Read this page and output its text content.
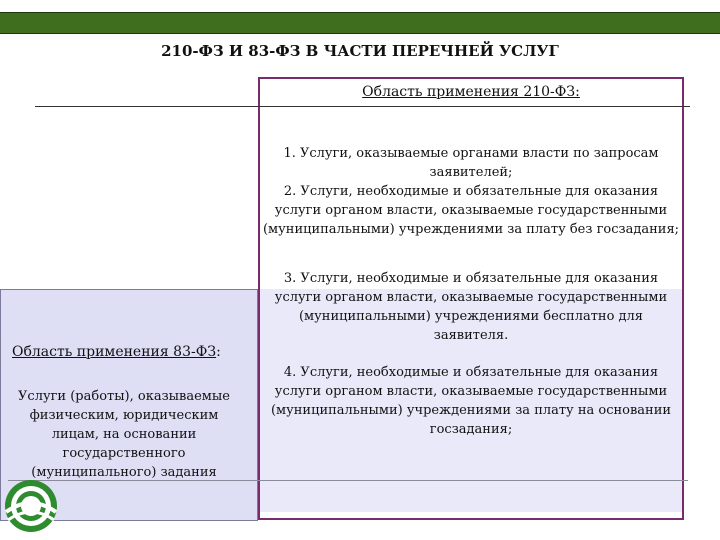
210-ФЗ И 83-ФЗ В ЧАСТИ ПЕРЕЧНЕЙ УСЛУГ
Область применения 210-ФЗ:

1. Услуги, оказываемые органами власти по запросам заявителей;

2. Услуги, необходимые и обязательные для оказания услуги органом власти, оказываемые государственными (муниципальными) учреждениями за плату без госзадания;

3. Услуги, необходимые и обязательные для оказания услуги органом власти, оказываемые государственными (муниципальными) учреждениями бесплатно для заявителя.

4. Услуги, необходимые и обязательные для оказания услуги органом власти, оказываемые государственными (муниципальными) учреждениями за плату на основании госзадания;

Область применения 83-ФЗ:
Услуги (работы), оказываемые физическим, юридическим лицам, на основании государственного (муниципального) задания
